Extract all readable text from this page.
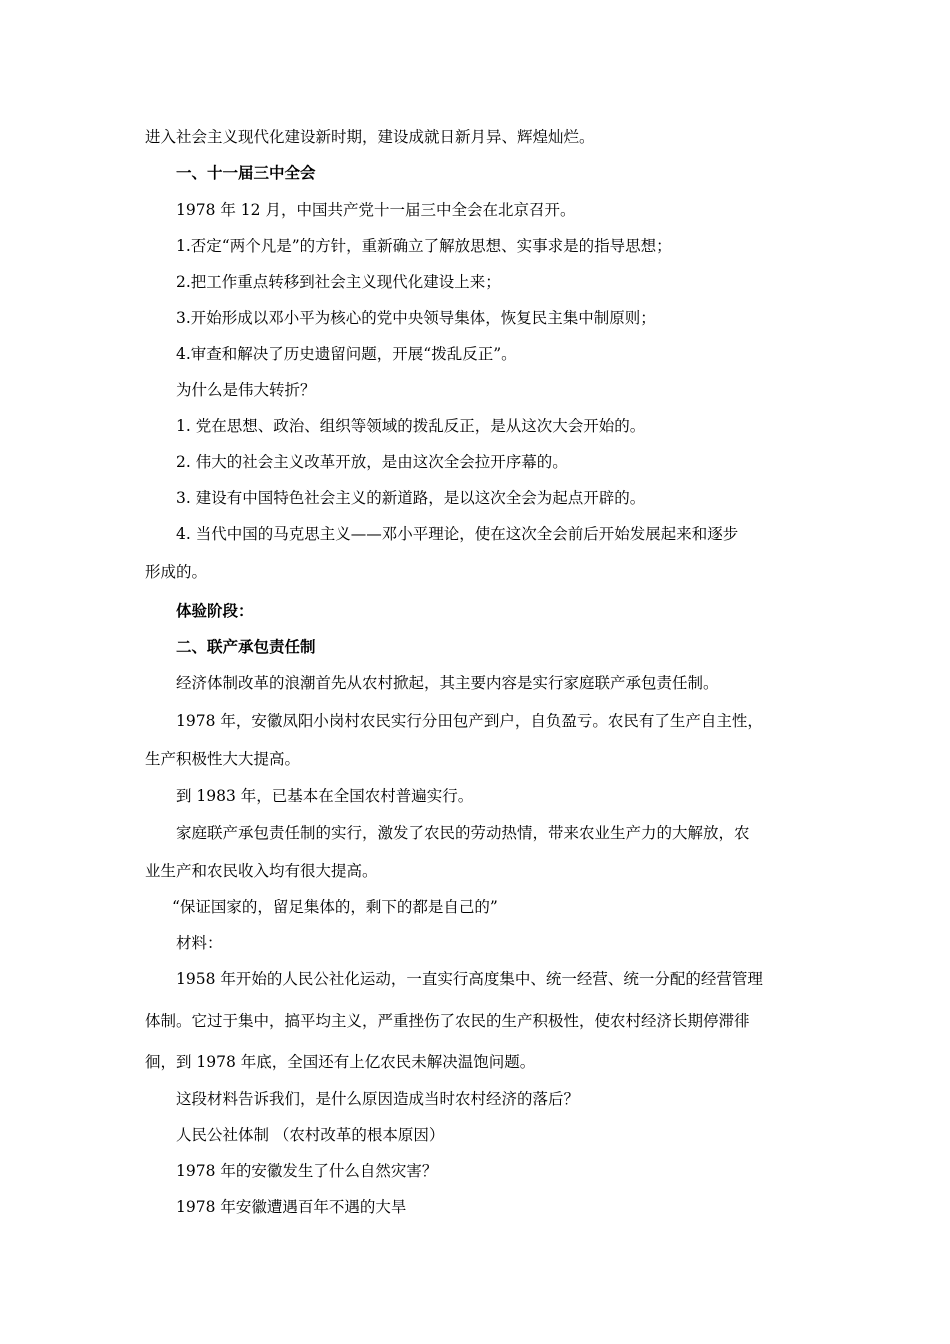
进入社会主义现代化建设新时期，建设成就日新月异、辉煌灿烂。
一、十一届三中全会
1978 年 12 月，中国共产党十一届三中全会在北京召开。
1.否定“两个凡是”的方针，重新确立了解放思想、实事求是的指导思想；
2.把工作重点转移到社会主义现代化建设上来；
3.开始形成以邓小平为核心的党中央领导集体，恢复民主集中制原则；
4.审查和解决了历史遗留问题，开展“拨乱反正”。
为什么是伟大转折？
1. 党在思想、政治、组织等领域的拨乱反正，是从这次大会开始的。
2. 伟大的社会主义改革开放，是由这次全会拉开序幕的。
3. 建设有中国特色社会主义的新道路，是以这次全会为起点开辟的。
4. 当代中国的马克思主义——邓小平理论，使在这次全会前后开始发展起来和逐步
形成的。
体验阶段：
二、联产承包责任制
经济体制改革的浪潮首先从农村掀起，其主要内容是实行家庭联产承包责任制。
1978 年，安徽凤阳小岗村农民实行分田包产到户，自负盈亏。农民有了生产自主性，
生产积极性大大提高。
到 1983 年，已基本在全国农村普遍实行。
家庭联产承包责任制的实行，激发了农民的劳动热情，带来农业生产力的大解放，农
业生产和农民收入均有很大提高。
“保证国家的，留足集体的，剩下的都是自己的”
材料：
1958 年开始的人民公社化运动，一直实行高度集中、统一经营、统一分配的经营管理
体制。它过于集中，搞平均主义，严重挫伤了农民的生产积极性，使农村经济长期停滞徘
徊，到 1978 年底，全国还有上亿农民未解决温饱问题。
这段材料告诉我们，是什么原因造成当时农村经济的落后？
人民公社体制 （农村改革的根本原因）
1978 年的安徽发生了什么自然灾害？
1978 年安徽遭遇百年不遇的大旱
